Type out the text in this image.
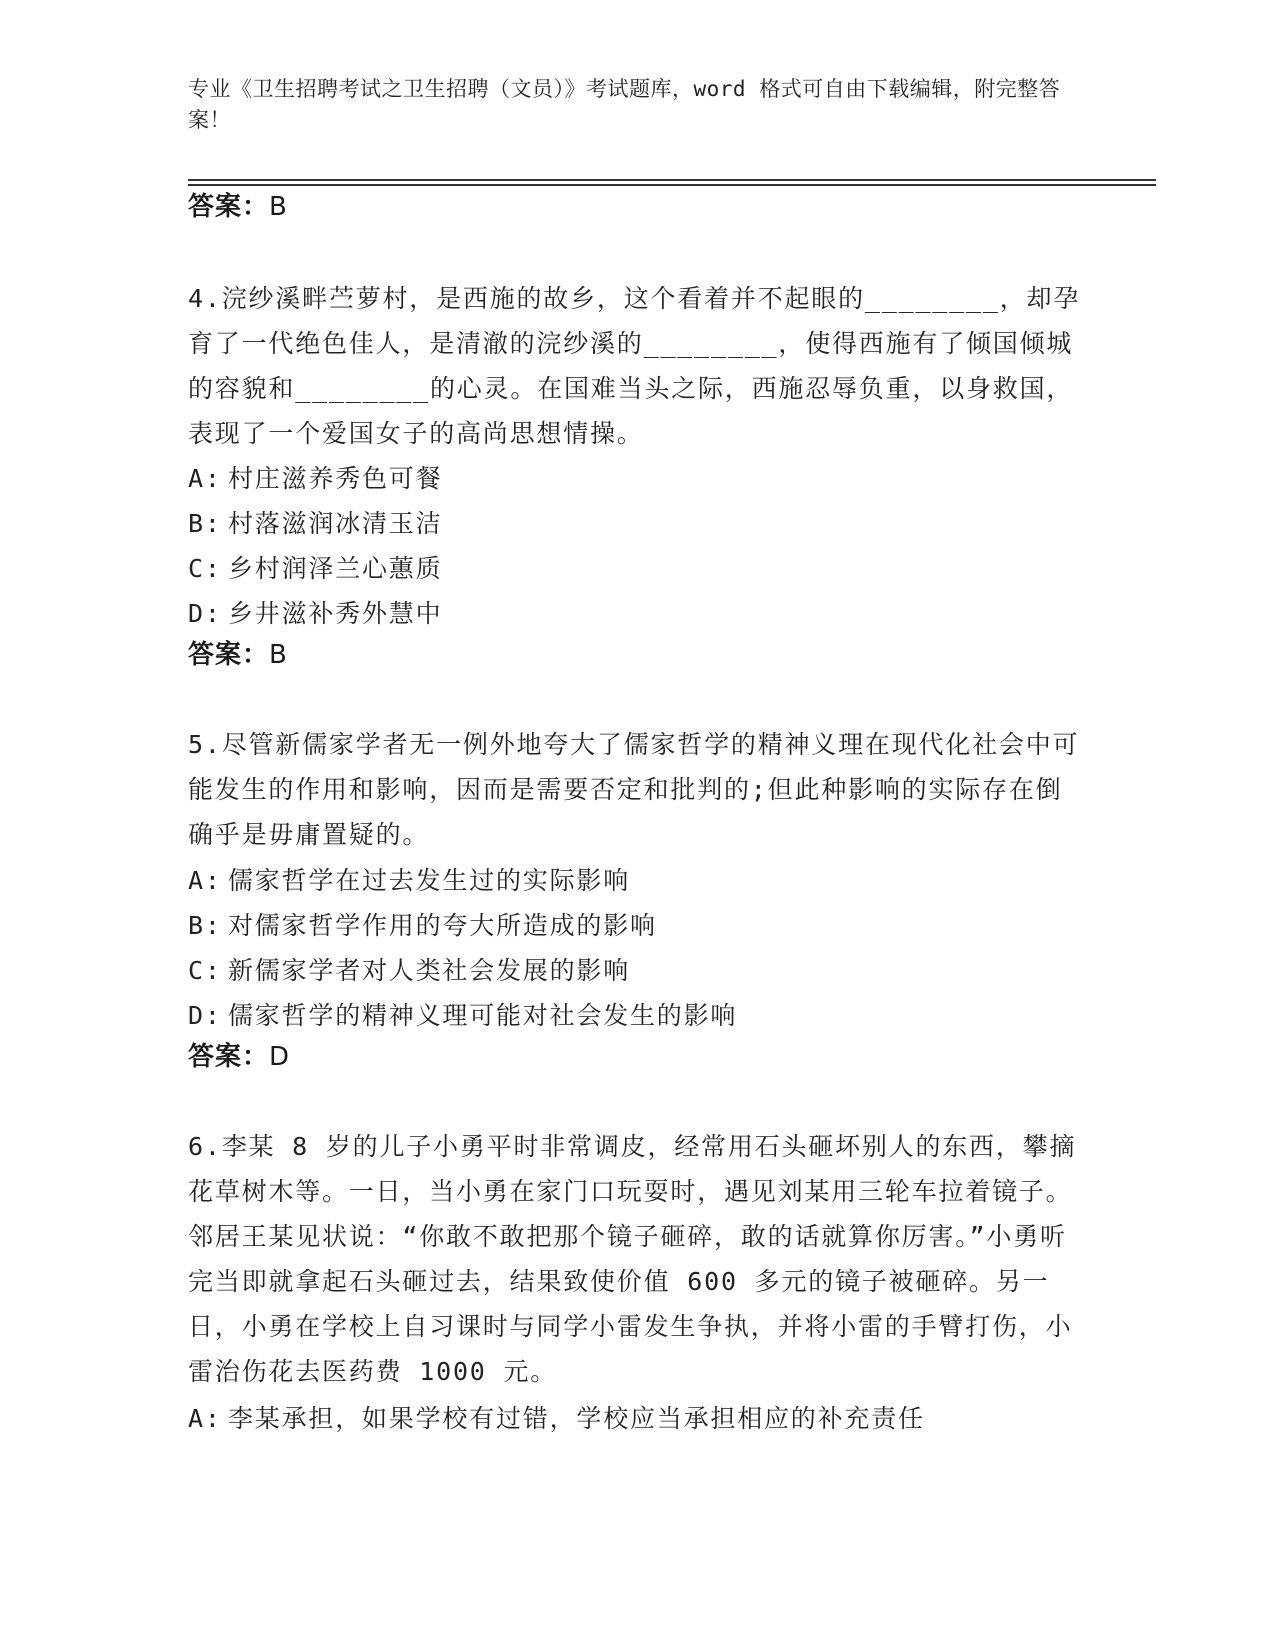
专业《卫生招聘考试之卫生招聘（文员）》考试题库，word 格式可自由下载编辑，附完整答案！
答案：B

4.浣纱溪畔苎萝村，是西施的故乡，这个看着并不起眼的________，却孕育了一代绝色佳人，是清澈的浣纱溪的________，使得西施有了倾国倾城的容貌和________的心灵。在国难当头之际，西施忍辱负重，以身救国，表现了一个爱国女子的高尚思想情操。

A: 村庄滋养秀色可餐
B: 村落滋润冰清玉洁
C: 乡村润泽兰心蕙质
D: 乡井滋补秀外慧中
答案：B

5.尽管新儒家学者无一例外地夸大了儒家哲学的精神义理在现代化社会中可能发生的作用和影响，因而是需要否定和批判的;但此种影响的实际存在倒确乎是毋庸置疑的。

A: 儒家哲学在过去发生过的实际影响
B: 对儒家哲学作用的夸大所造成的影响
C: 新儒家学者对人类社会发展的影响
D: 儒家哲学的精神义理可能对社会发生的影响
答案：D

6.李某 8 岁的儿子小勇平时非常调皮，经常用石头砸坏别人的东西，攀摘花草树木等。一日，当小勇在家门口玩耍时，遇见刘某用三轮车拉着镜子。邻居王某见状说：“你敢不敢把那个镜子砸碎，敢的话就算你厉害。”小勇听完当即就拿起石头砸过去，结果致使价值 600 多元的镜子被砸碎。另一日，小勇在学校上自习课时与同学小雷发生争执，并将小雷的手臂打伤，小雷治伤花去医药费 1000 元。

A: 李某承担，如果学校有过错，学校应当承担相应的补充责任
